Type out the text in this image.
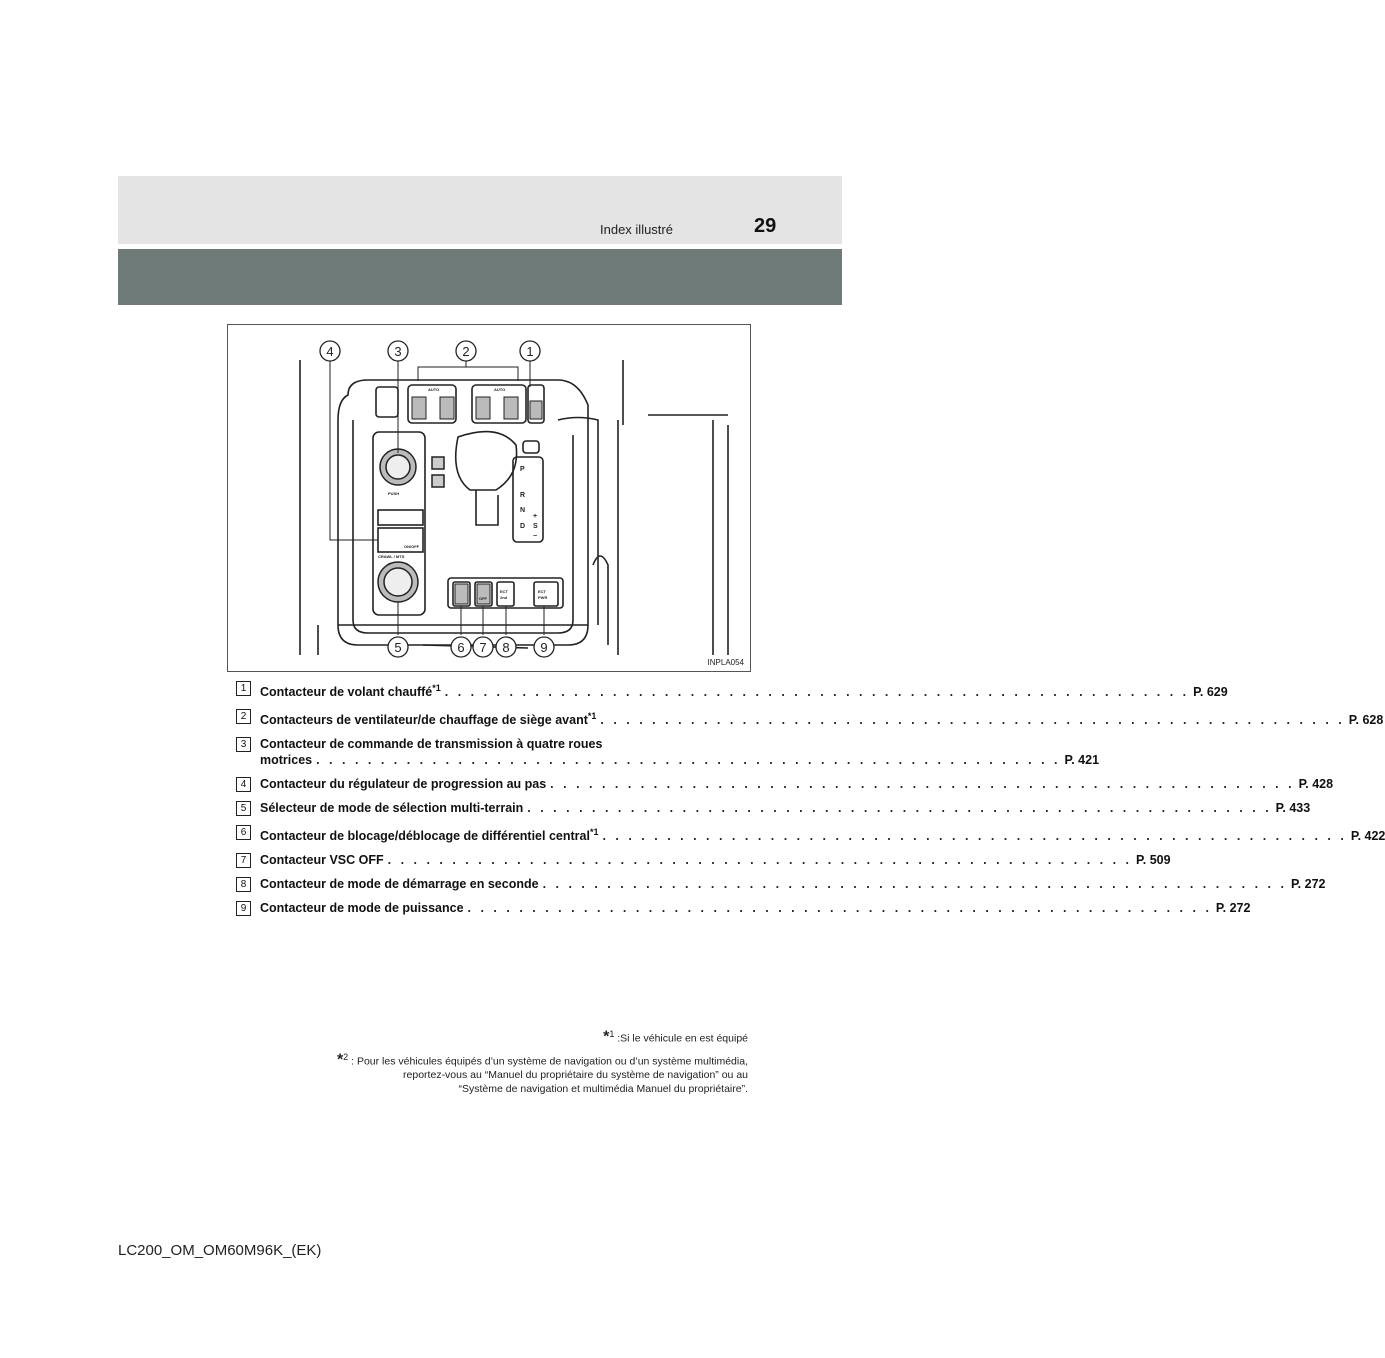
Index illustré	29
AUTO	AUTO
PUSH
CRAWL / MTS
ON/OFF
OFF
ECT
2nd
ECT
PWR
P
R
N
D S
+
−
4	3	2	1
5	6 7 8 9
INPLA054
1	Contacteur de volant chauffé$^{*1}$ . . . . . . . . . . . . . . . . . . . . . . . . . . . . . . . . . . . . . . . . . . . . . . . . . . . . . . . . . . P. 629
2	Contacteurs de ventilateur/de chauffage de siège avant$^{*1}$ . . . . . . . . . . . . . . . . . . . . . . . . . . . . . . . . . . . . . . . . . . . . . . . . . . . . . . . . . . P. 628
3	Contacteur de commande de transmission à quatre roues
motrices . . . . . . . . . . . . . . . . . . . . . . . . . . . . . . . . . . . . . . . . . . . . . . . . . . . . . . . . . . P. 421
4	Contacteur du régulateur de progression au pas . . . . . . . . . . . . . . . . . . . . . . . . . . . . . . . . . . . . . . . . . . . . . . . . . . . . . . . . . . P. 428
5	Sélecteur de mode de sélection multi-terrain . . . . . . . . . . . . . . . . . . . . . . . . . . . . . . . . . . . . . . . . . . . . . . . . . . . . . . . . . . P. 433
6	Contacteur de blocage/déblocage de différentiel central$^{*1}$ . . . . . . . . . . . . . . . . . . . . . . . . . . . . . . . . . . . . . . . . . . . . . . . . . . . . . . . . . . P. 422
7	Contacteur VSC OFF . . . . . . . . . . . . . . . . . . . . . . . . . . . . . . . . . . . . . . . . . . . . . . . . . . . . . . . . . . P. 509
8	Contacteur de mode de démarrage en seconde . . . . . . . . . . . . . . . . . . . . . . . . . . . . . . . . . . . . . . . . . . . . . . . . . . . . . . . . . . P. 272
9	Contacteur de mode de puissance . . . . . . . . . . . . . . . . . . . . . . . . . . . . . . . . . . . . . . . . . . . . . . . . . . . . . . . . . . P. 272
*$^1$ :Si le véhicule en est équipé
*$^2$ : Pour les véhicules équipés d’un système de navigation ou d’un système multimédia,
reportez-vous au “Manuel du propriétaire du système de navigation” ou au
“Système de navigation et multimédia Manuel du propriétaire”.
LC200_OM_OM60M96K_(EK)
